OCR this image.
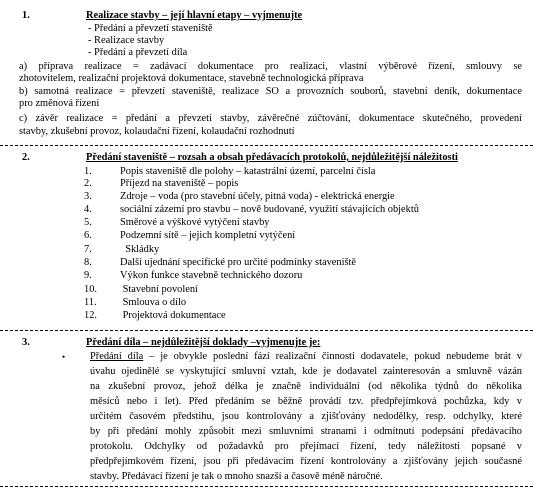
1.	Realizace stavby – její hlavní etapy – vyjmenujte
- Předání a převzetí staveniště
- Realizace stavby
- Předání a převzetí díla
a) příprava realizace = zadávací dokumentace pro realizaci, vlastní výběrové řízení, smlouvy se
zhotovitelem, realizační projektová dokumentace, stavebně technologická příprava
b) samotná realizace = převzetí staveniště, realizace SO a provozních souborů, stavební deník, dokumentace
pro změnová řízení
c) závěr realizace = předání a převzetí stavby, závěrečné zúčtování, dokumentace skutečného, provedení
stavby, zkušební provoz, kolaudační řízení, kolaudační rozhodnutí
2.	Předání staveniště – rozsah a obsah předávacích protokolů, nejdůležitější náležitosti
1.	Popis staveniště dle polohy – katastrální území, parcelní čísla
2.	Příjezd na staveniště – popis
3.	Zdroje – voda (pro stavební účely, pitná voda) - elektrická energie
4.	sociální zázemí pro stavbu – nově budované, využití stávajících objektů
5.	Směrové a výškové vytýčení stavby
6.	Podzemní sítě – jejich kompletní vytýčení
7.	Skládky
8.	Další ujednání specifické pro určité podmínky staveniště
9.	Výkon funkce stavebně technického dozoru
10.	Stavební povolení
11.	Smlouva o dílo
12.	Projektová dokumentace
3.	Předání díla – nejdůležitější doklady –vyjmenujte je:
• Předání díla – je obvykle poslední fází realizační činnosti dodavatele, pokud nebudeme brát v
úvahu ojedinělé se vyskytující smluvní vztah, kde je dodavatel zainteresován a smluvně vázán
na zkušební provoz, jehož délka je značně individuální (od několika týdnů do několika
měsíců nebo i let). Před předáním se běžně provádí tzv. předpřejímková pochůzka, kdy v
určitém časovém předstihu, jsou kontrolovány a zjišťovány nedodělky, resp. odchylky, které
by při předání mohly způsobit mezi smluvními stranami i odmítnutí podepsání předávacího
protokolu. Odchylky od požadavků pro přejímací řízení, tedy náležitosti popsané v
předpřejímkovém řízení, jsou při předávacím řízení kontrolovány a zjišťovány jejich současné
stavby. Předávací řízení je tak o mnoho snazší a časově méně náročné.
